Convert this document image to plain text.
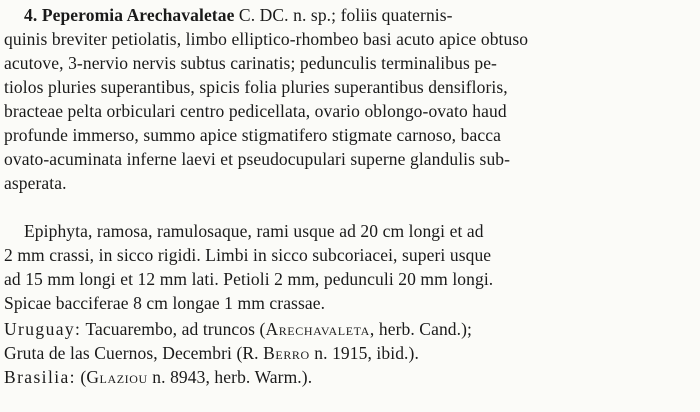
4. Peperomia Arechavaletae C. DC. n. sp.; foliis quaternis-
quinis breviter petiolatis, limbo elliptico-rhombeo basi acuto apice obtuso
acutove, 3-nervio nervis subtus carinatis; pedunculis terminalibus pe-
tiolos pluries superantibus, spicis folia pluries superantibus densifloris,
bracteae pelta orbiculari centro pedicellata, ovario oblongo-ovato haud
profunde immerso, summo apice stigmatifero stigmate carnoso, bacca
ovato-acuminata inferne laevi et pseudocupulari superne glandulis sub-
asperata.
Epiphyta, ramosa, ramulosaque, rami usque ad 20 cm longi et ad
2 mm crassi, in sicco rigidi. Limbi in sicco subcoriacei, superi usque
ad 15 mm longi et 12 mm lati. Petioli 2 mm, pedunculi 20 mm longi.
Spicae bacciferae 8 cm longae 1 mm crassae.
Uruguay: Tacuarembo, ad truncos (Arechavaleta, herb. Cand.);
Gruta de las Cuernos, Decembri (R. Berro n. 1915, ibid.).
Brasilia: (Glaziou n. 8943, herb. Warm.).
